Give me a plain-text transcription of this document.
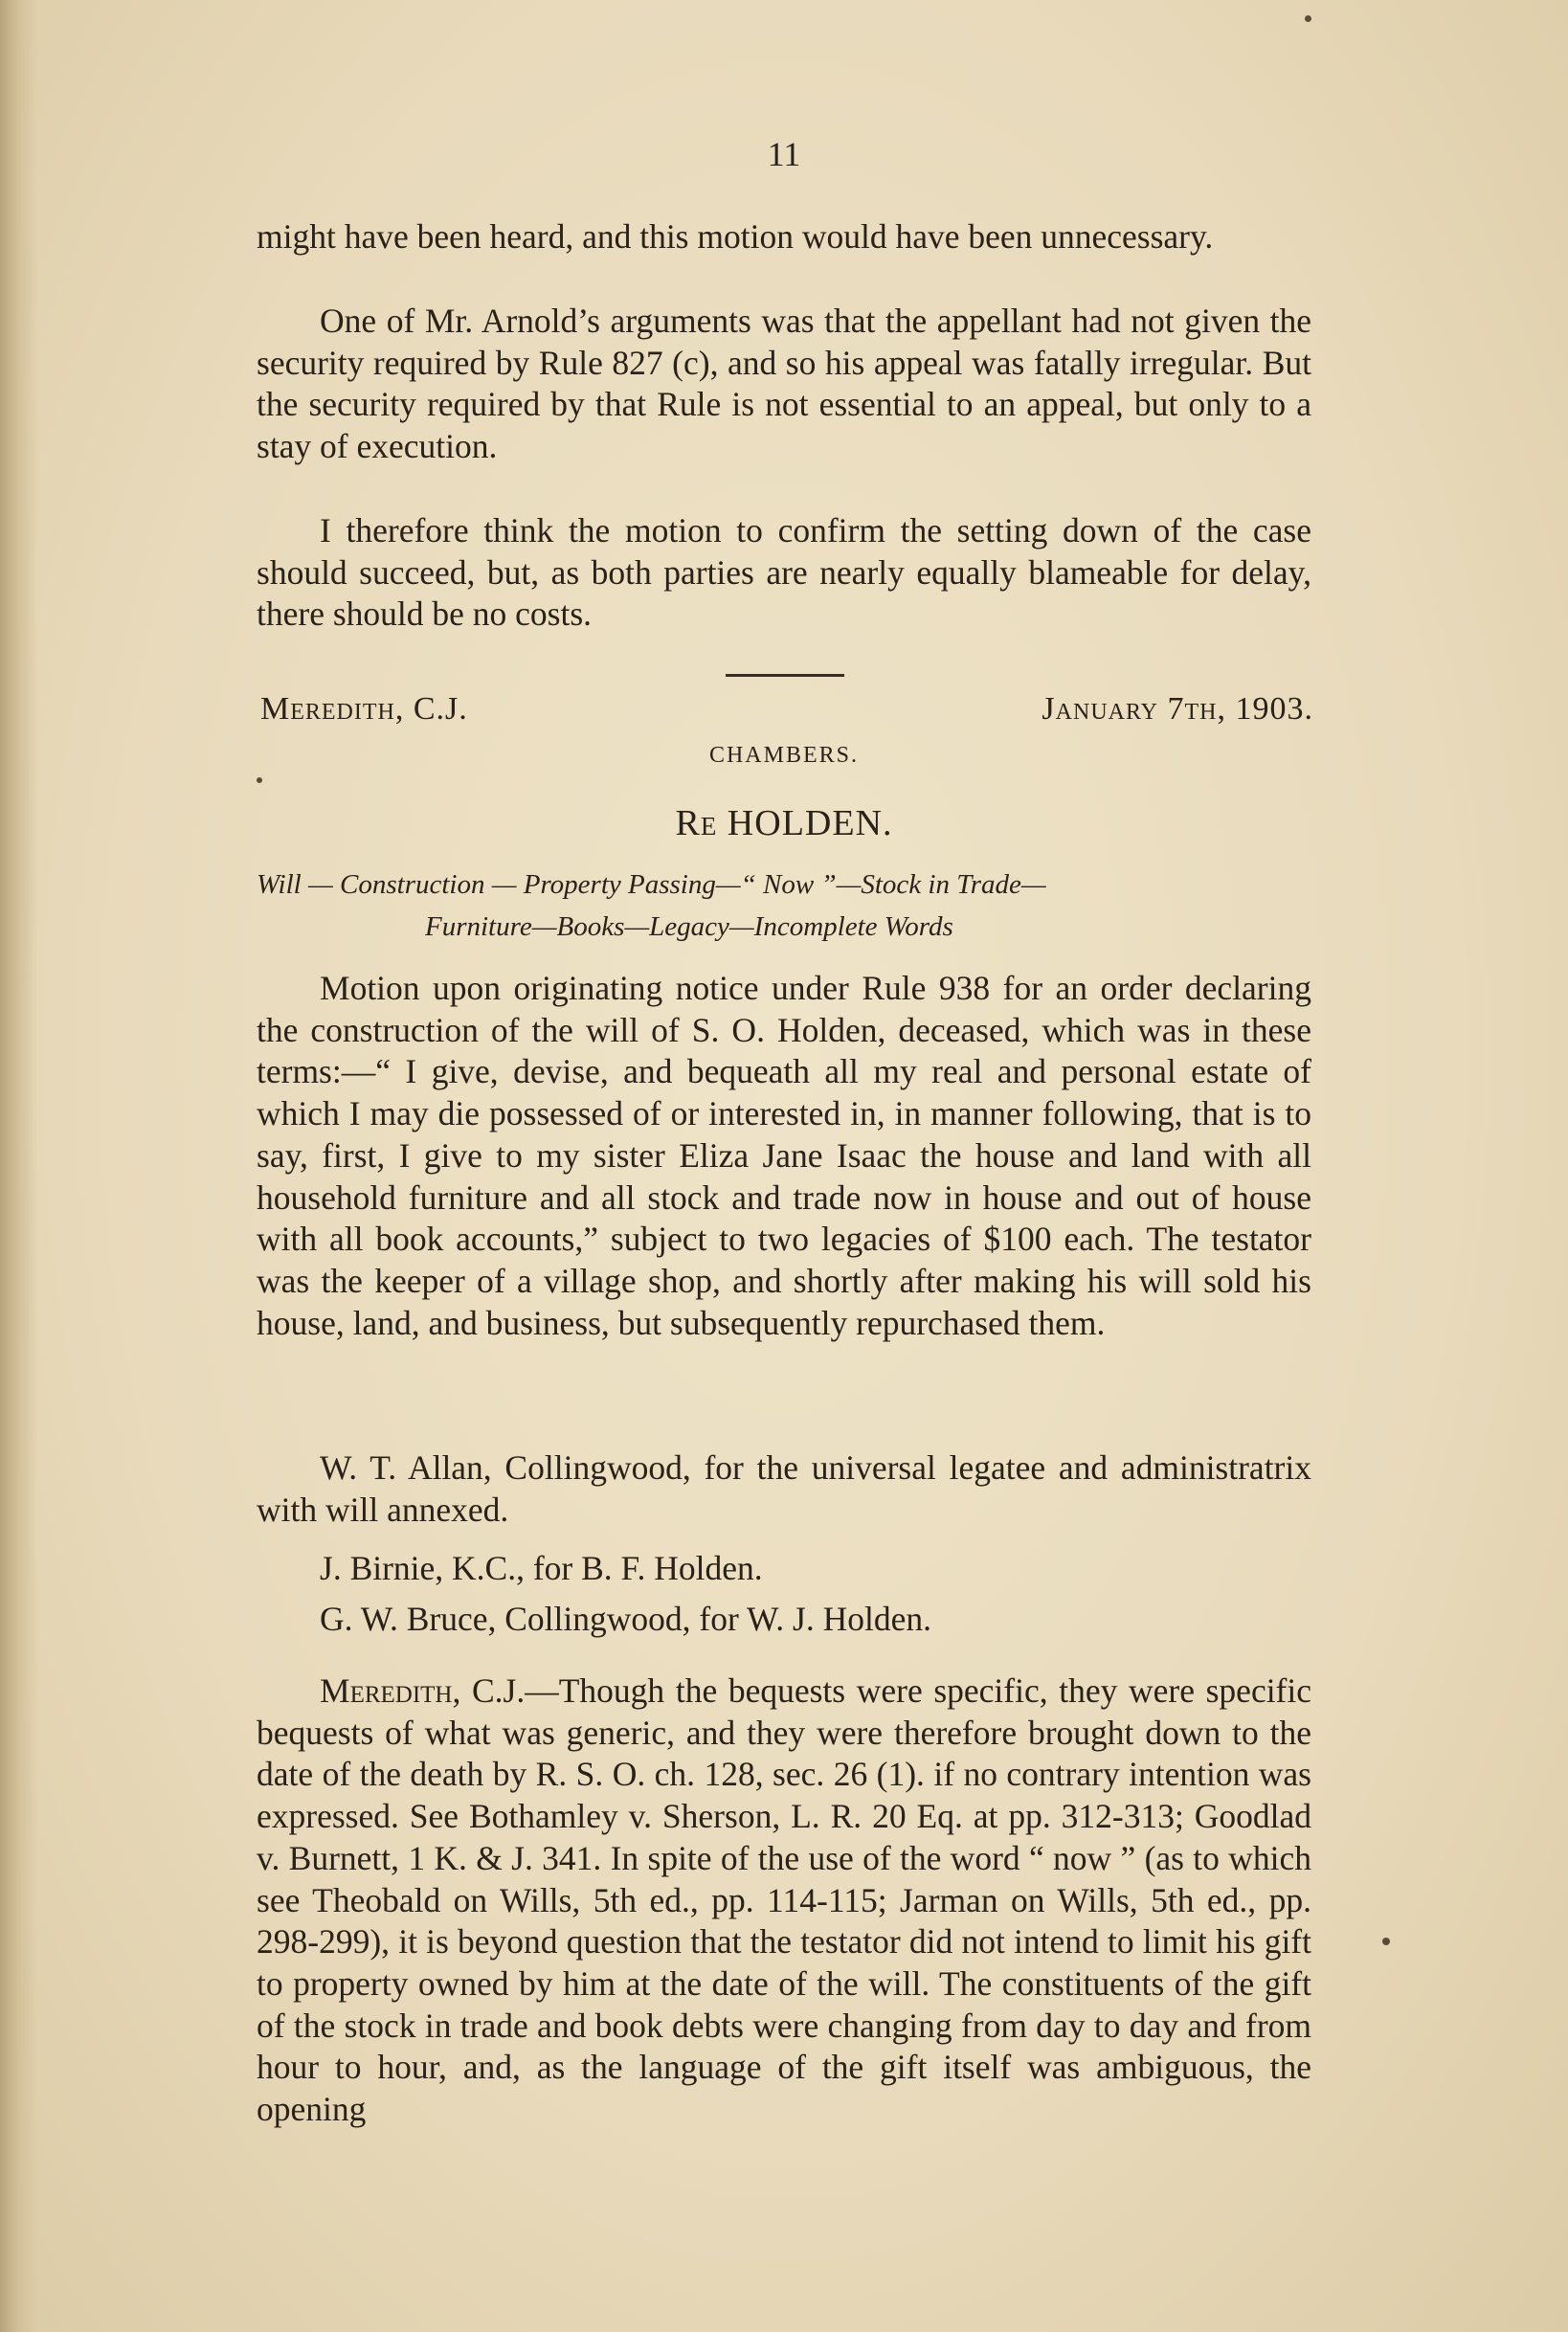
11

might have been heard, and this motion would have been unnecessary.

One of Mr. Arnold’s arguments was that the appellant had not given the security required by Rule 827 (c), and so his appeal was fatally irregular. But the security required by that Rule is not essential to an appeal, but only to a stay of execution.

I therefore think the motion to confirm the setting down of the case should succeed, but, as both parties are nearly equally blameable for delay, there should be no costs.

Meredith, C.J.	January 7th, 1903.
CHAMBERS.
Re HOLDEN.
Will — Construction — Property Passing—“ Now ”—Stock in Trade—
Furniture—Books—Legacy—Incomplete Words

Motion upon originating notice under Rule 938 for an order declaring the construction of the will of S. O. Holden, deceased, which was in these terms:—“ I give, devise, and bequeath all my real and personal estate of which I may die possessed of or interested in, in manner following, that is to say, first, I give to my sister Eliza Jane Isaac the house and land with all household furniture and all stock and trade now in house and out of house with all book accounts,” subject to two legacies of $100 each. The testator was the keeper of a village shop, and shortly after making his will sold his house, land, and business, but subsequently repurchased them.

W. T. Allan, Collingwood, for the universal legatee and administratrix with will annexed.

J. Birnie, K.C., for B. F. Holden.

G. W. Bruce, Collingwood, for W. J. Holden.

Meredith, C.J.—Though the bequests were specific, they were specific bequests of what was generic, and they were therefore brought down to the date of the death by R. S. O. ch. 128, sec. 26 (1). if no contrary intention was expressed. See Bothamley v. Sherson, L. R. 20 Eq. at pp. 312-313; Goodlad v. Burnett, 1 K. & J. 341. In spite of the use of the word “ now ” (as to which see Theobald on Wills, 5th ed., pp. 114-115; Jarman on Wills, 5th ed., pp. 298-299), it is beyond question that the testator did not intend to limit his gift to property owned by him at the date of the will. The constituents of the gift of the stock in trade and book debts were changing from day to day and from hour to hour, and, as the language of the gift itself was ambiguous, the opening
